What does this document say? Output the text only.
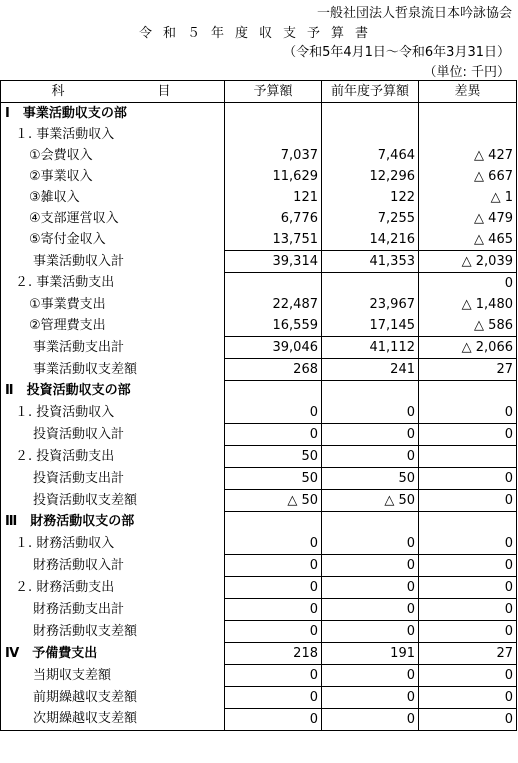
一般社団法人哲泉流日本吟詠協会
令和５年度収支予算書
（令和5年4月1日～令和6年3月31日）
（単位: 千円）
科　目	予算額	前年度予算額	差異
Ⅰ　事業活動収支の部			
１. 事業活動収入			
①会費収入	7,037	7,464	△ 427
②事業収入	11,629	12,296	△ 667
③雑収入	121	122	△ 1
④支部運営収入	6,776	7,255	△ 479
⑤寄付金収入	13,751	14,216	△ 465
事業活動収入計	39,314	41,353	△ 2,039
２. 事業活動支出			0
①事業費支出	22,487	23,967	△ 1,480
②管理費支出	16,559	17,145	△ 586
事業活動支出計	39,046	41,112	△ 2,066
事業活動収支差額	268	241	27
Ⅱ　投資活動収支の部			
１. 投資活動収入	0	0	0
投資活動収入計	0	0	0
２. 投資活動支出	50	0	
投資活動支出計	50	50	0
投資活動収支差額	△ 50	△ 50	0
Ⅲ　財務活動収支の部			
１. 財務活動収入	0	0	0
財務活動収入計	0	0	0
２. 財務活動支出	0	0	0
財務活動支出計	0	0	0
財務活動収支差額	0	0	0
Ⅳ　予備費支出	218	191	27
当期収支差額	0	0	0
前期繰越収支差額	0	0	0
次期繰越収支差額	0	0	0
